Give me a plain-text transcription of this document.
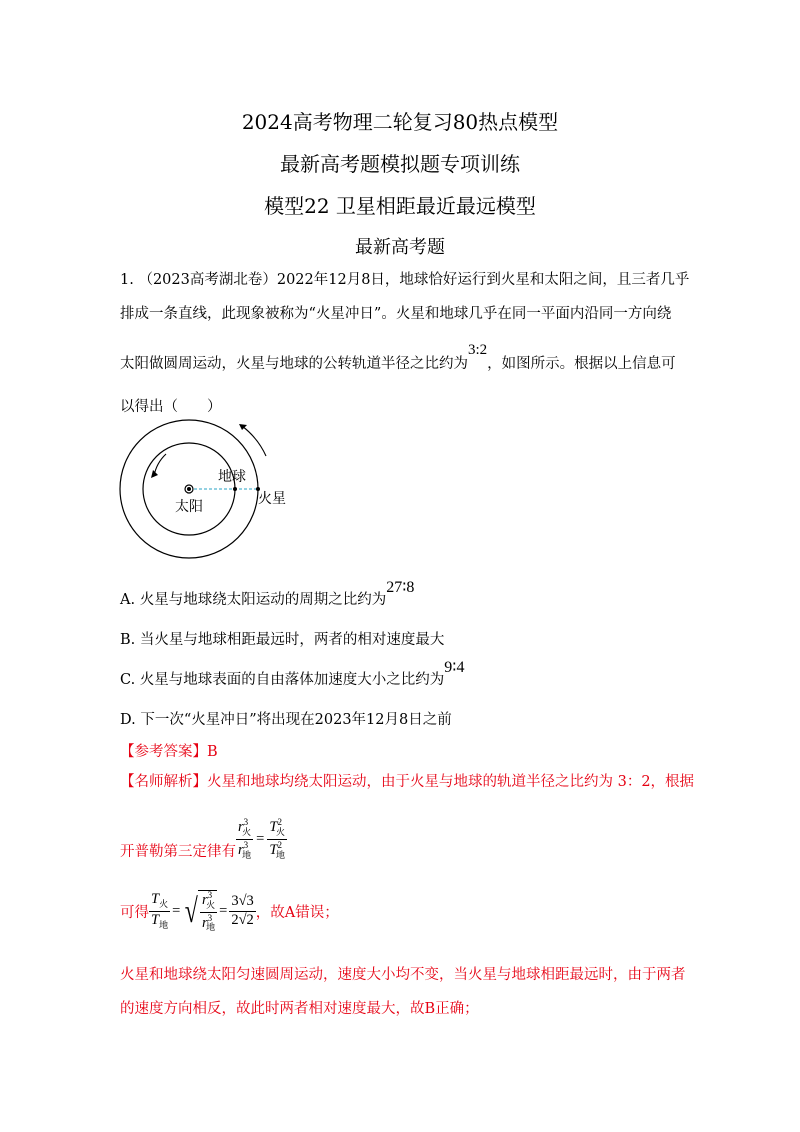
2024高考物理二轮复习80热点模型
最新高考题模拟题专项训练
模型22 卫星相距最近最远模型
最新高考题
1. （2023高考湖北卷）2022年12月8日，地球恰好运行到火星和太阳之间，且三者几乎
排成一条直线，此现象被称为“火星冲日”。火星和地球几乎在同一平面内沿同一方向绕
太阳做圆周运动，火星与地球的公转轨道半径之比约为3:2，如图所示。根据以上信息可
以得出（　　）
地球
火星
太阳
A. 火星与地球绕太阳运动的周期之比约为27∶8
B. 当火星与地球相距最远时，两者的相对速度最大
C. 火星与地球表面的自由落体加速度大小之比约为9∶4
D. 下一次“火星冲日”将出现在2023年12月8日之前
【参考答案】B
【名师解析】火星和地球均绕太阳运动，由于火星与地球的轨道半径之比约为 3：2，根据
开普勒第三定律有 $\frac{r^3_火}{r^3_地} = \frac{T^2_火}{T^2_地}$
可得 $\frac{T_火}{T_地}$ = √ $\frac{r^3_火}{r^3_地} = \frac{3√3}{2√2}$ ，故A错误；
火星和地球绕太阳匀速圆周运动，速度大小均不变，当火星与地球相距最远时，由于两者
的速度方向相反，故此时两者相对速度最大，故B正确；
